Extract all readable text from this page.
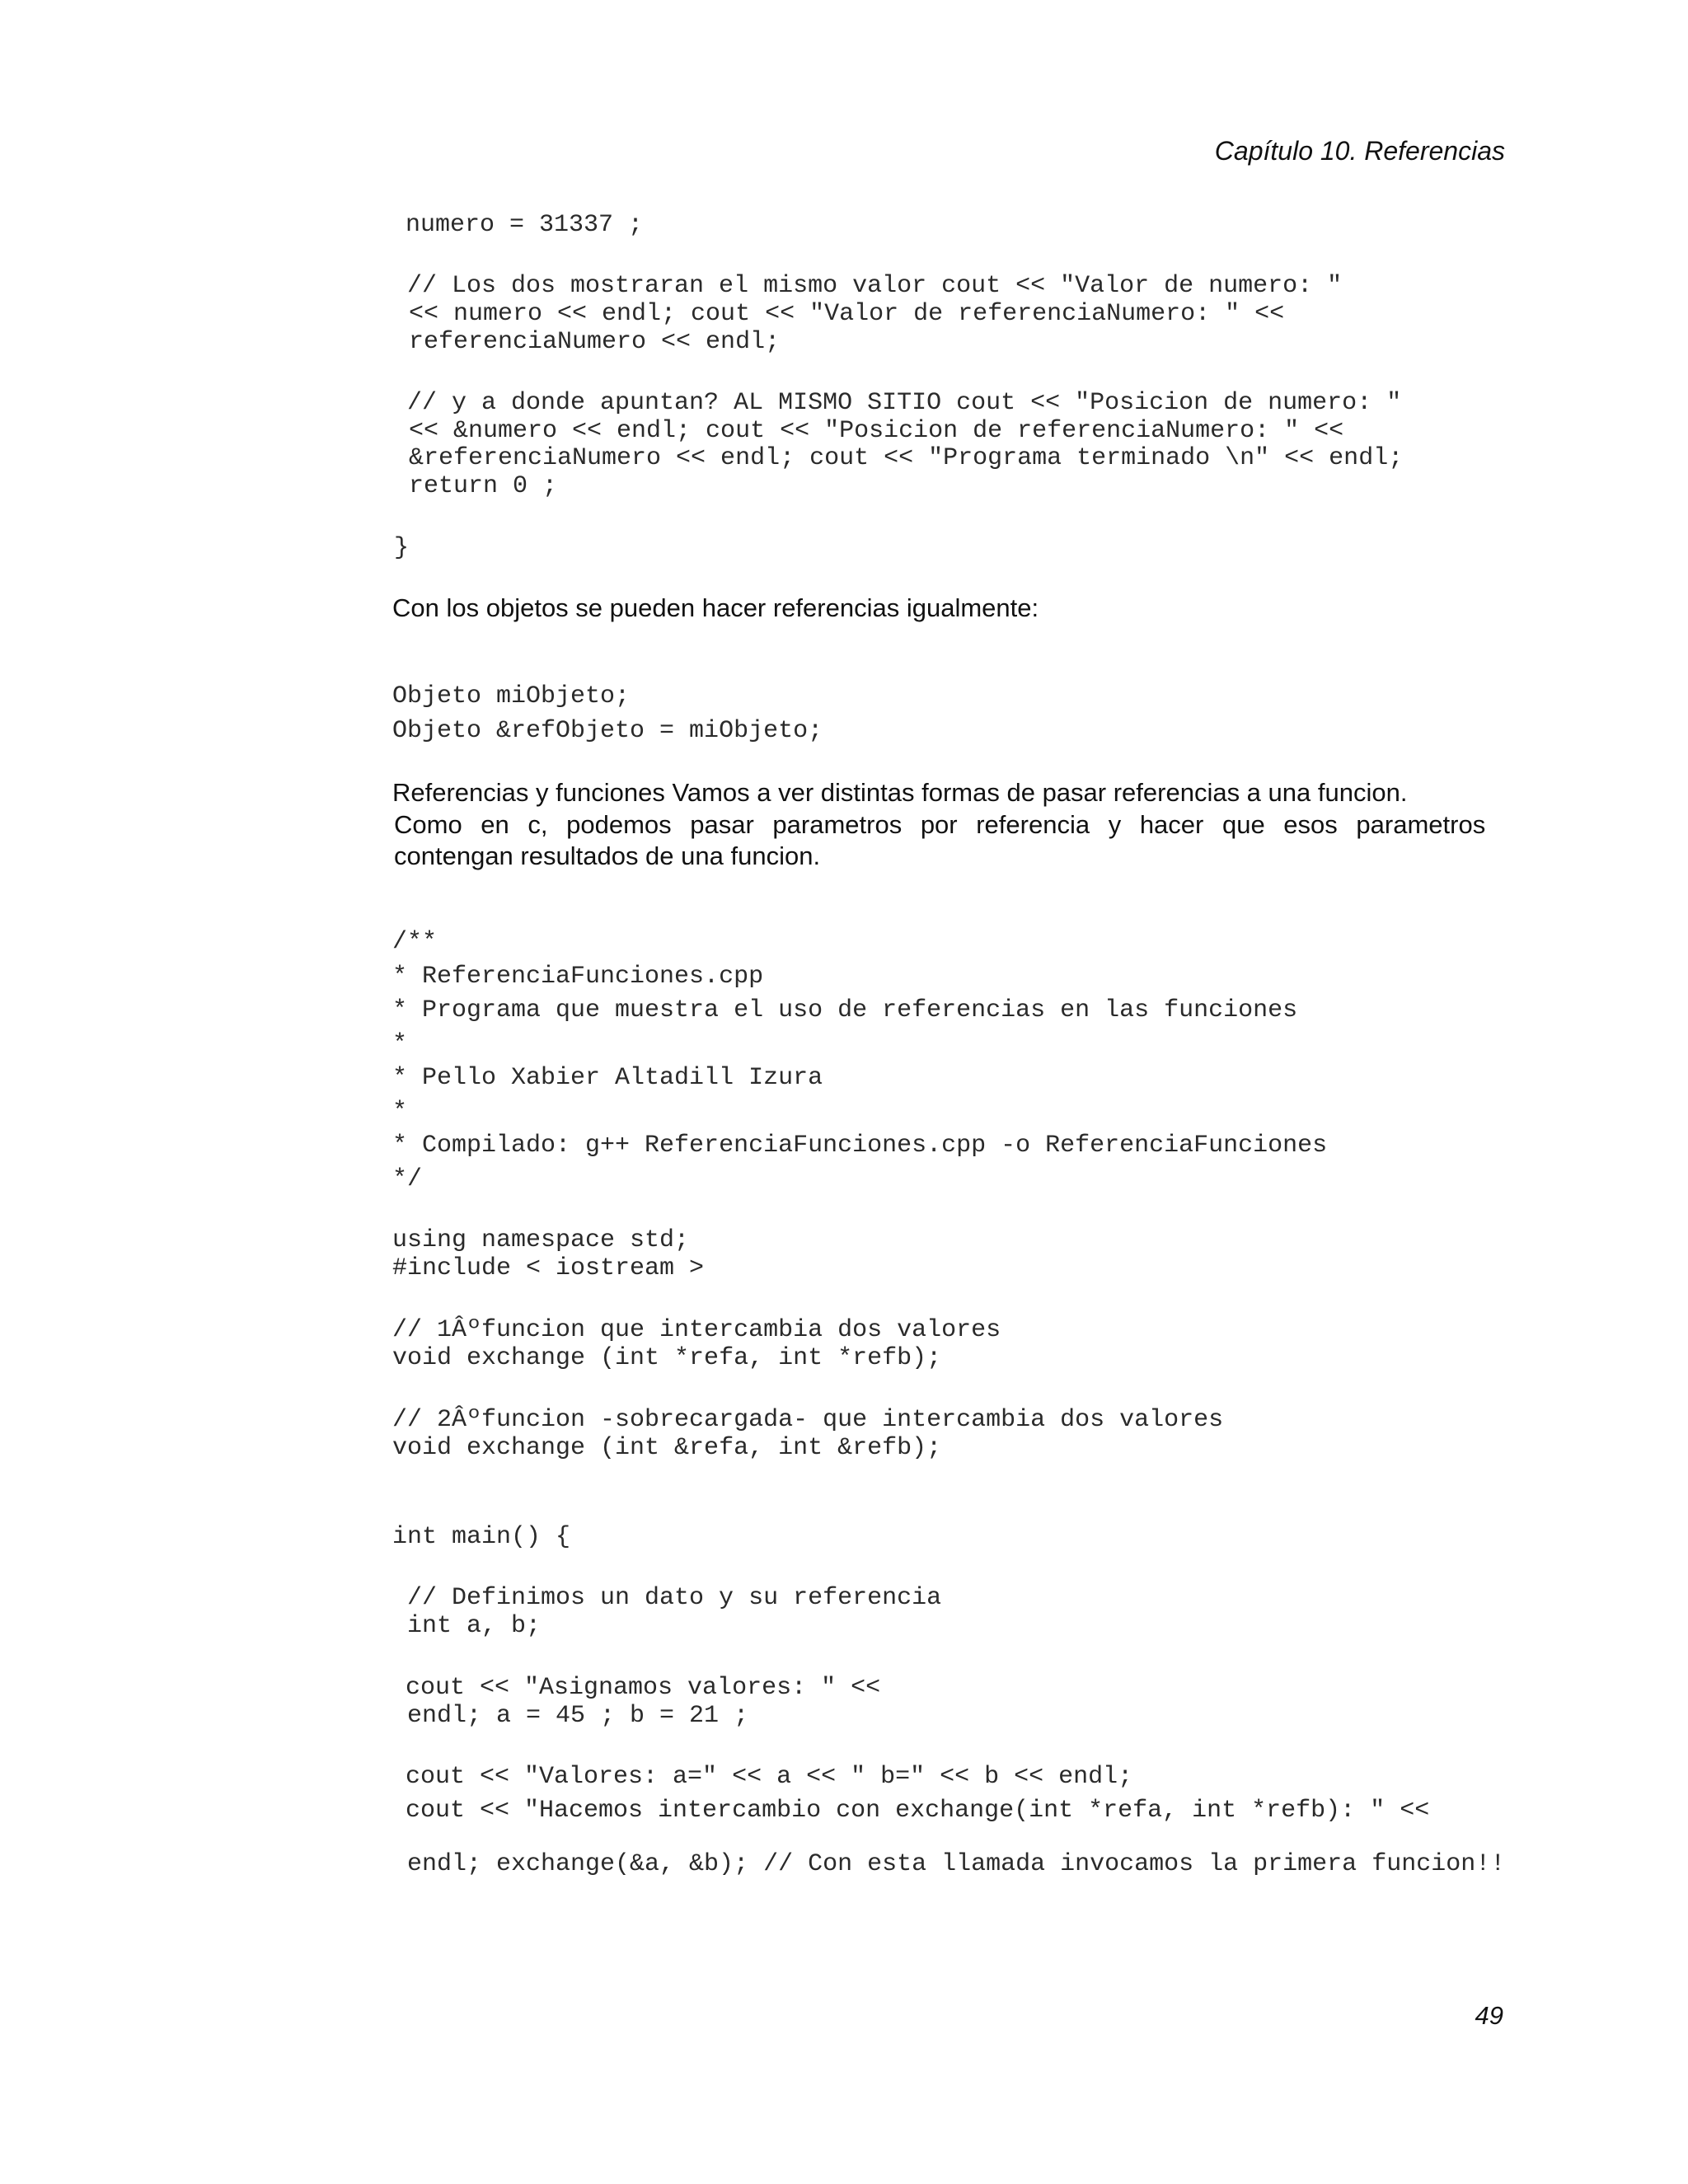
Capítulo 10. Referencias
numero = 31337 ;
// Los dos mostraran el mismo valor cout << "Valor de numero: "
<< numero << endl; cout << "Valor de referenciaNumero: " <<
referenciaNumero << endl;
// y a donde apuntan? AL MISMO SITIO cout << "Posicion de numero: "
<< &numero << endl; cout << "Posicion de referenciaNumero: " <<
&referenciaNumero << endl; cout << "Programa terminado \n" << endl;
return 0 ;
}
Con los objetos se pueden hacer referencias igualmente:
Objeto miObjeto;
Objeto &refObjeto = miObjeto;
Referencias y funciones Vamos a ver distintas formas de pasar referencias a una funcion.
Como en c, podemos pasar parametros por referencia y hacer que esos parametros
contengan resultados de una funcion.
/**
* ReferenciaFunciones.cpp
* Programa que muestra el uso de referencias en las funciones
*
* Pello Xabier Altadill Izura
*
* Compilado: g++ ReferenciaFunciones.cpp -o ReferenciaFunciones
*/
using namespace std;
#include < iostream >
// 1Âºfuncion que intercambia dos valores
void exchange (int *refa, int *refb);
// 2Âºfuncion -sobrecargada- que intercambia dos valores
void exchange (int &refa, int &refb);
int main() {
// Definimos un dato y su referencia
int a, b;
cout << "Asignamos valores: " <<
endl; a = 45 ; b = 21 ;
cout << "Valores: a=" << a << " b=" << b << endl;
cout << "Hacemos intercambio con exchange(int *refa, int *refb): " <<
endl; exchange(&a, &b); // Con esta llamada invocamos la primera funcion!!
49
